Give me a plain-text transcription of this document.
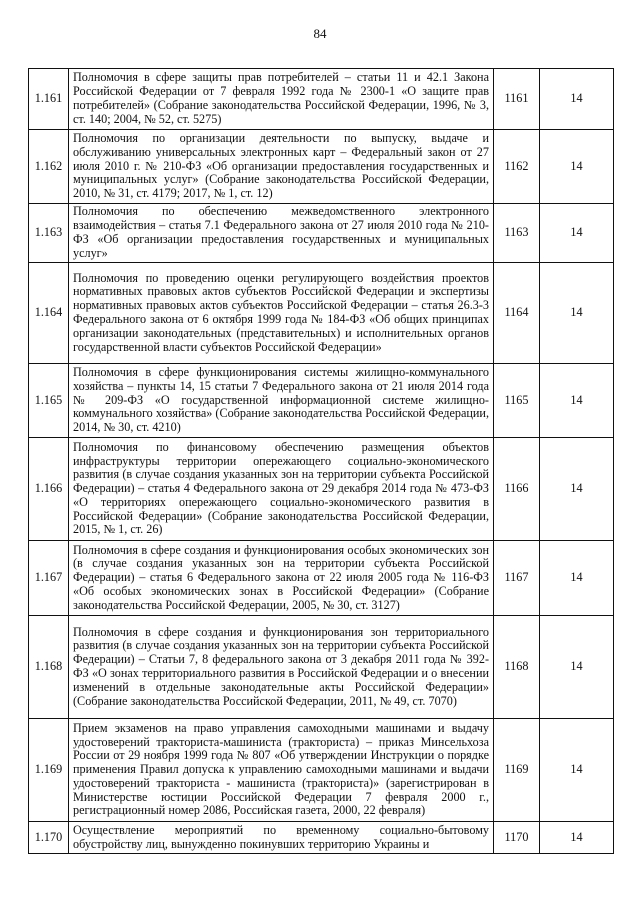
84
1.161	Полномочия в сфере защиты прав потребителей – статьи 11 и 42.1 Закона Российской Федерации от 7 февраля 1992 года № 2300-1 «О защите прав потребителей» (Собрание законодательства Российской Федерации, 1996, № 3, ст. 140; 2004, № 52, ст. 5275)	1161	14
1.162	Полномочия по организации деятельности по выпуску, выдаче и обслуживанию универсальных электронных карт – Федеральный закон от 27 июля 2010 г. № 210-ФЗ «Об организации предоставления государственных и муниципальных услуг» (Собрание законодательства Российской Федерации, 2010, № 31, ст. 4179; 2017, № 1, ст. 12)	1162	14
1.163	Полномочия по обеспечению межведомственного электронного взаимодействия – статья 7.1 Федерального закона от 27 июля 2010 года № 210-ФЗ «Об организации предоставления государственных и муниципальных услуг»	1163	14
1.164	Полномочия по проведению оценки регулирующего воздействия проектов нормативных правовых актов субъектов Российской Федерации и экспертизы нормативных правовых актов субъектов Российской Федерации – статья 26.3-3 Федерального закона от 6 октября 1999 года № 184-ФЗ «Об общих принципах организации законодательных (представительных) и исполнительных органов государственной власти субъектов Российской Федерации»	1164	14
1.165	Полномочия в сфере функционирования системы жилищно-коммунального хозяйства – пункты 14, 15 статьи 7 Федерального закона от 21 июля 2014 года № 209-ФЗ «О государственной информационной системе жилищно-коммунального хозяйства» (Собрание законодательства Российской Федерации, 2014, № 30, ст. 4210)	1165	14
1.166	Полномочия по финансовому обеспечению размещения объектов инфраструктуры территории опережающего социально-экономического развития (в случае создания указанных зон на территории субъекта Российской Федерации) – статья 4 Федерального закона от 29 декабря 2014 года № 473-ФЗ «О территориях опережающего социально-экономического развития в Российской Федерации» (Собрание законодательства Российской Федерации, 2015, № 1, ст. 26)	1166	14
1.167	Полномочия в сфере создания и функционирования особых экономических зон (в случае создания указанных зон на территории субъекта Российской Федерации) – статья 6 Федерального закона от 22 июля 2005 года № 116-ФЗ «Об особых экономических зонах в Российской Федерации» (Собрание законодательства Российской Федерации, 2005, № 30, ст. 3127)	1167	14
1.168	Полномочия в сфере создания и функционирования зон территориального развития (в случае создания указанных зон на территории субъекта Российской Федерации) – Статьи 7, 8 федерального закона от 3 декабря 2011 года № 392-ФЗ «О зонах территориального развития в Российской Федерации и о внесении изменений в отдельные законодательные акты Российской Федерации» (Собрание законодательства Российской Федерации, 2011, № 49, ст. 7070)	1168	14
1.169	Прием экзаменов на право управления самоходными машинами и выдачу удостоверений тракториста-машиниста (тракториста) – приказ Минсельхоза России от 29 ноября 1999 года № 807 «Об утверждении Инструкции о порядке применения Правил допуска к управлению самоходными машинами и выдачи удостоверений тракториста - машиниста (тракториста)» (зарегистрирован в Министерстве юстиции Российской Федерации 7 февраля 2000 г., регистрационный номер 2086, Российская газета, 2000, 22 февраля)	1169	14
1.170	Осуществление мероприятий по временному социально-бытовому обустройству лиц, вынужденно покинувших территорию Украины и	1170	14
